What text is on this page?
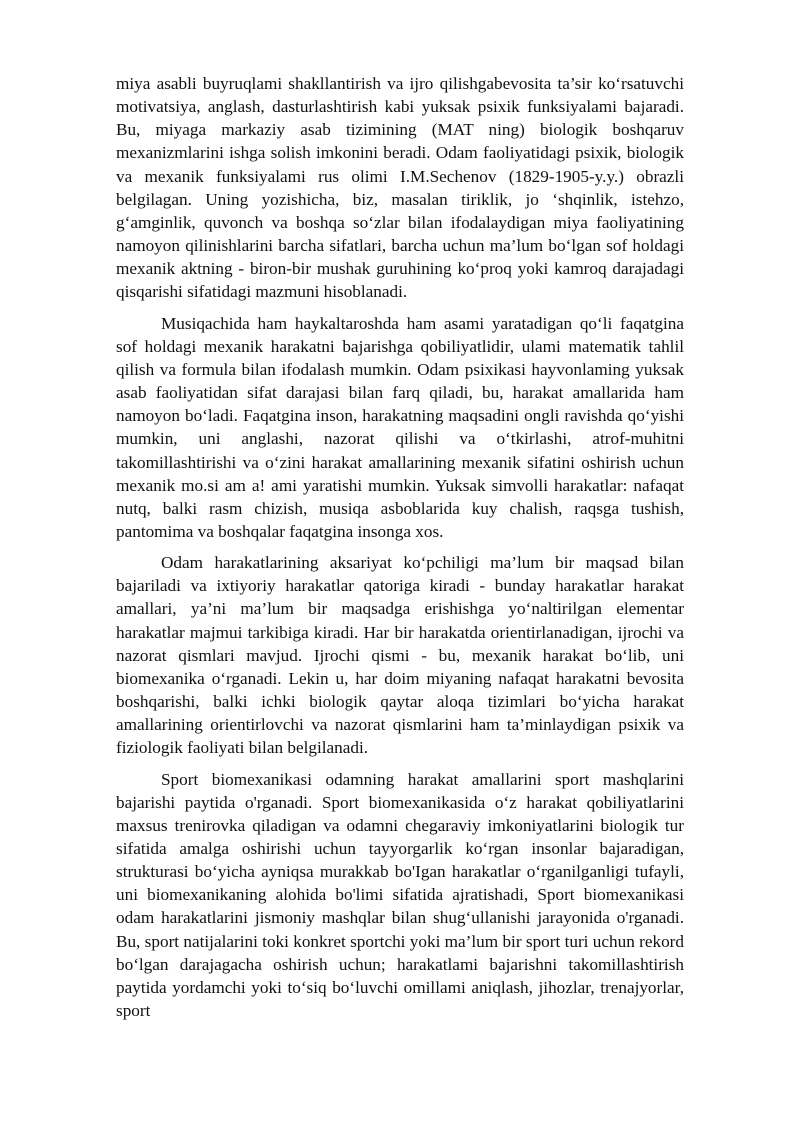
miya asabli buyruqlami shakllantirish va ijro qilishgabevosita ta’sir ko‘rsatuvchi motivatsiya, anglash, dasturlashtirish kabi yuksak psixik funksiyalami bajaradi. Bu, miyaga markaziy asab tizimining (MAT ning) biologik boshqaruv mexanizmlarini ishga solish imkonini beradi. Odam faoliyatidagi psixik, biologik va mexanik funksiyalami rus olimi I.M.Sechenov (1829-1905-y.y.) obrazli belgilagan. Uning yozishicha, biz, masalan tiriklik, jo ‘shqinlik, istehzo, g‘amginlik, quvonch va boshqa so‘zlar bilan ifodalaydigan miya faoliyatining namoyon qilinishlarini barcha sifatlari, barcha uchun ma’lum bo‘lgan sof holdagi mexanik aktning - biron-bir mushak guruhining ko‘proq yoki kamroq darajadagi qisqarishi sifatidagi mazmuni hisoblanadi.

Musiqachida ham haykaltaroshda ham asami yaratadigan qo‘li faqatgina sof holdagi mexanik harakatni bajarishga qobiliyatlidir, ulami matematik tahlil qilish va formula bilan ifodalash mumkin. Odam psixikasi hayvonlaming yuksak asab faoliyatidan sifat darajasi bilan farq qiladi, bu, harakat amallarida ham namoyon bo‘ladi. Faqatgina inson, harakatning maqsadini ongli ravishda qo‘yishi mumkin, uni anglashi, nazorat qilishi va o‘tkirlashi, atrof-muhitni takomillashtirishi va o‘zini harakat amallarining mexanik sifatini oshirish uchun mexanik mo.si am a! ami yaratishi mumkin. Yuksak simvolli harakatlar: nafaqat nutq, balki rasm chizish, musiqa asboblarida kuy chalish, raqsga tushish, pantomima va boshqalar faqatgina insonga xos.

Odam harakatlarining aksariyat ko‘pchiligi ma’lum bir maqsad bilan bajariladi va ixtiyoriy harakatlar qatoriga kiradi - bunday harakatlar harakat amallari, ya’ni ma’lum bir maqsadga erishishga yo‘naltirilgan elementar harakatlar majmui tarkibiga kiradi. Har bir harakatda orientirlanadigan, ijrochi va nazorat qismlari mavjud. Ijrochi qismi - bu, mexanik harakat bo‘lib, uni biomexanika o‘rganadi. Lekin u, har doim miyaning nafaqat harakatni bevosita boshqarishi, balki ichki biologik qaytar aloqa tizimlari bo‘yicha harakat amallarining orientirlovchi va nazorat qismlarini ham ta’minlaydigan psixik va fiziologik faoliyati bilan belgilanadi.

Sport biomexanikasi odamning harakat amallarini sport mashqlarini bajarishi paytida o'rganadi. Sport biomexanikasida o‘z harakat qobiliyatlarini maxsus trenirovka qiladigan va odamni chegaraviy imkoniyatlarini biologik tur sifatida amalga oshirishi uchun tayyorgarlik ko‘rgan insonlar bajaradigan, strukturasi bo‘yicha ayniqsa murakkab bo'Igan harakatlar o‘rganilganligi tufayli, uni biomexanikaning alohida bo'limi sifatida ajratishadi, Sport biomexanikasi odam harakatlarini jismoniy mashqlar bilan shug‘ullanishi jarayonida o'rganadi. Bu, sport natijalarini toki konkret sportchi yoki ma’lum bir sport turi uchun rekord bo‘lgan darajagacha oshirish uchun; harakatlami bajarishni takomillashtirish paytida yordamchi yoki to‘siq bo‘luvchi omillami aniqlash, jihozlar, trenajyorlar, sport
